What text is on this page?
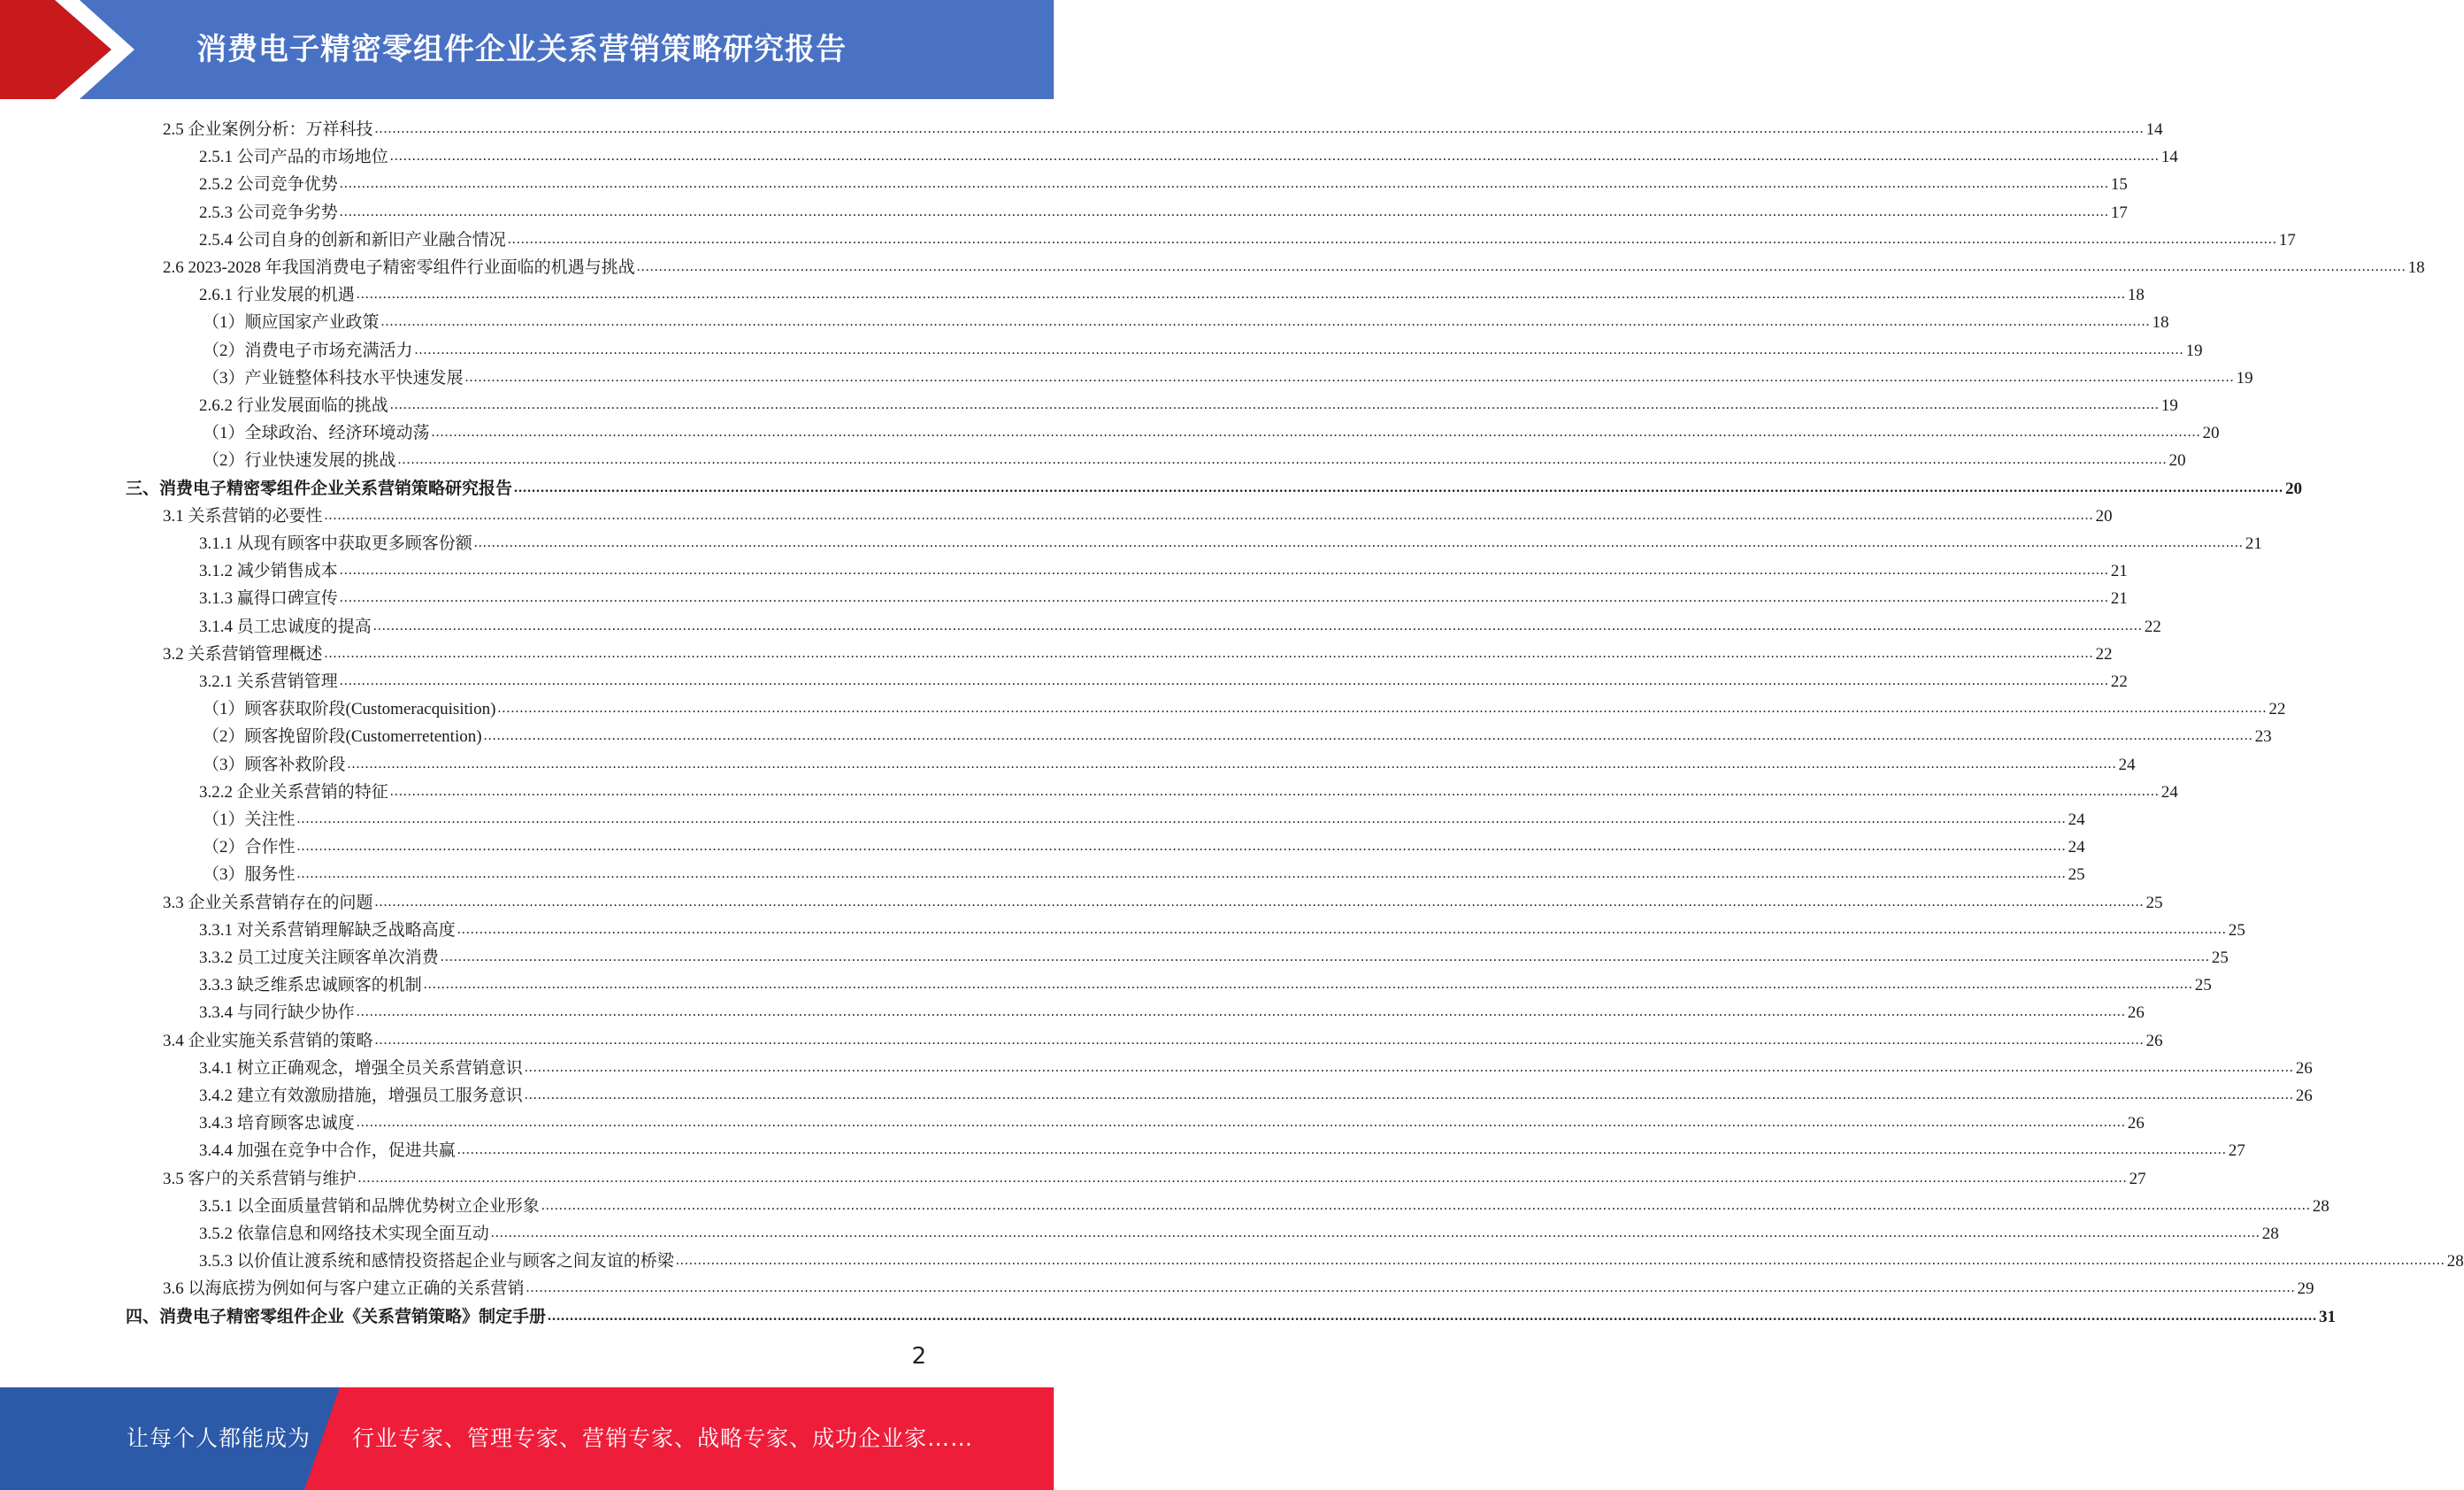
消费电子精密零组件企业关系营销策略研究报告
2.5 企业案例分析：万祥科技 ................................................................................................................................................................................................................................................................................................................................................................................................................ 14
2.5.1 公司产品的市场地位 ................................................................................................................................................................................................................................................................................................................................................................................................................ 14
2.5.2 公司竞争优势 ................................................................................................................................................................................................................................................................................................................................................................................................................ 15
2.5.3 公司竞争劣势 ................................................................................................................................................................................................................................................................................................................................................................................................................ 17
2.5.4 公司自身的创新和新旧产业融合情况 ................................................................................................................................................................................................................................................................................................................................................................................................................ 17
2.6 2023-2028 年我国消费电子精密零组件行业面临的机遇与挑战 ................................................................................................................................................................................................................................................................................................................................................................................................................ 18
2.6.1 行业发展的机遇 ................................................................................................................................................................................................................................................................................................................................................................................................................ 18
（1）顺应国家产业政策 ................................................................................................................................................................................................................................................................................................................................................................................................................ 18
（2）消费电子市场充满活力 ................................................................................................................................................................................................................................................................................................................................................................................................................ 19
（3）产业链整体科技水平快速发展 ................................................................................................................................................................................................................................................................................................................................................................................................................ 19
2.6.2 行业发展面临的挑战 ................................................................................................................................................................................................................................................................................................................................................................................................................ 19
（1）全球政治、经济环境动荡 ................................................................................................................................................................................................................................................................................................................................................................................................................ 20
（2）行业快速发展的挑战 ................................................................................................................................................................................................................................................................................................................................................................................................................ 20
三、消费电子精密零组件企业关系营销策略研究报告 ................................................................................................................................................................................................................................................................................................................................................................................................................ 20
3.1 关系营销的必要性 ................................................................................................................................................................................................................................................................................................................................................................................................................ 20
3.1.1 从现有顾客中获取更多顾客份额 ................................................................................................................................................................................................................................................................................................................................................................................................................ 21
3.1.2 减少销售成本 ................................................................................................................................................................................................................................................................................................................................................................................................................ 21
3.1.3 赢得口碑宣传 ................................................................................................................................................................................................................................................................................................................................................................................................................ 21
3.1.4 员工忠诚度的提高 ................................................................................................................................................................................................................................................................................................................................................................................................................ 22
3.2 关系营销管理概述 ................................................................................................................................................................................................................................................................................................................................................................................................................ 22
3.2.1 关系营销管理 ................................................................................................................................................................................................................................................................................................................................................................................................................ 22
（1）顾客获取阶段(Customeracquisition) ................................................................................................................................................................................................................................................................................................................................................................................................................ 22
（2）顾客挽留阶段(Customerretention) ................................................................................................................................................................................................................................................................................................................................................................................................................ 23
（3）顾客补救阶段 ................................................................................................................................................................................................................................................................................................................................................................................................................ 24
3.2.2 企业关系营销的特征 ................................................................................................................................................................................................................................................................................................................................................................................................................ 24
（1）关注性 ................................................................................................................................................................................................................................................................................................................................................................................................................ 24
（2）合作性 ................................................................................................................................................................................................................................................................................................................................................................................................................ 24
（3）服务性 ................................................................................................................................................................................................................................................................................................................................................................................................................ 25
3.3 企业关系营销存在的问题 ................................................................................................................................................................................................................................................................................................................................................................................................................ 25
3.3.1 对关系营销理解缺乏战略高度 ................................................................................................................................................................................................................................................................................................................................................................................................................ 25
3.3.2 员工过度关注顾客单次消费 ................................................................................................................................................................................................................................................................................................................................................................................................................ 25
3.3.3 缺乏维系忠诚顾客的机制 ................................................................................................................................................................................................................................................................................................................................................................................................................ 25
3.3.4 与同行缺少协作 ................................................................................................................................................................................................................................................................................................................................................................................................................ 26
3.4 企业实施关系营销的策略 ................................................................................................................................................................................................................................................................................................................................................................................................................ 26
3.4.1 树立正确观念，增强全员关系营销意识 ................................................................................................................................................................................................................................................................................................................................................................................................................ 26
3.4.2 建立有效激励措施，增强员工服务意识 ................................................................................................................................................................................................................................................................................................................................................................................................................ 26
3.4.3 培育顾客忠诚度 ................................................................................................................................................................................................................................................................................................................................................................................................................ 26
3.4.4 加强在竞争中合作，促进共赢 ................................................................................................................................................................................................................................................................................................................................................................................................................ 27
3.5 客户的关系营销与维护 ................................................................................................................................................................................................................................................................................................................................................................................................................ 27
3.5.1 以全面质量营销和品牌优势树立企业形象 ................................................................................................................................................................................................................................................................................................................................................................................................................ 28
3.5.2 依靠信息和网络技术实现全面互动 ................................................................................................................................................................................................................................................................................................................................................................................................................ 28
3.5.3 以价值让渡系统和感情投资搭起企业与顾客之间友谊的桥梁 ................................................................................................................................................................................................................................................................................................................................................................................................................ 28
3.6 以海底捞为例如何与客户建立正确的关系营销 ................................................................................................................................................................................................................................................................................................................................................................................................................ 29
四、消费电子精密零组件企业《关系营销策略》制定手册 ................................................................................................................................................................................................................................................................................................................................................................................................................ 31
2
让每个人都能成为 行业专家、管理专家、营销专家、战略专家、成功企业家……
